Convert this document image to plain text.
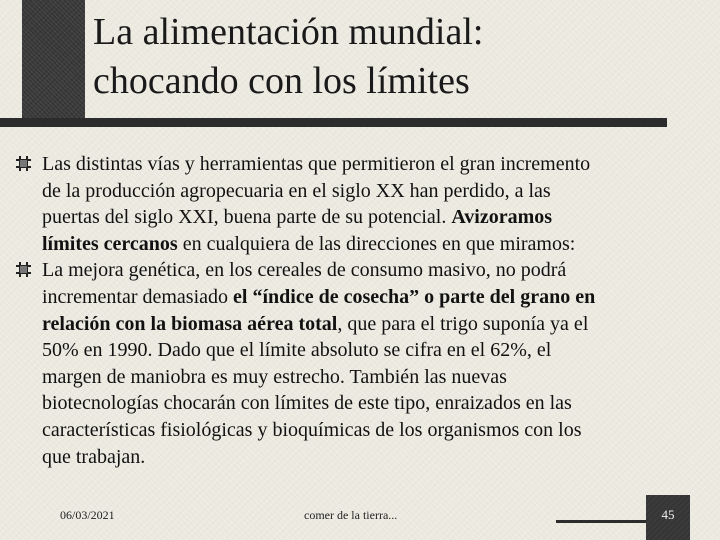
La alimentación mundial:
chocando con los límites
Las distintas vías y herramientas que permitieron el gran incremento
de la producción agropecuaria en el siglo XX han perdido, a las
puertas del siglo XXI, buena parte de su potencial. Avizoramos
límites cercanos en cualquiera de las direcciones en que miramos:
La mejora genética, en los cereales de consumo masivo, no podrá
incrementar demasiado el “índice de cosecha” o parte del grano en
relación con la biomasa aérea total, que para el trigo suponía ya el
50% en 1990. Dado que el límite absoluto se cifra en el 62%, el
margen de maniobra es muy estrecho. También las nuevas
biotecnologías chocarán con límites de este tipo, enraizados en las
características fisiológicas y bioquímicas de los organismos con los
que trabajan.
06/03/2021	comer de la tierra...	45
